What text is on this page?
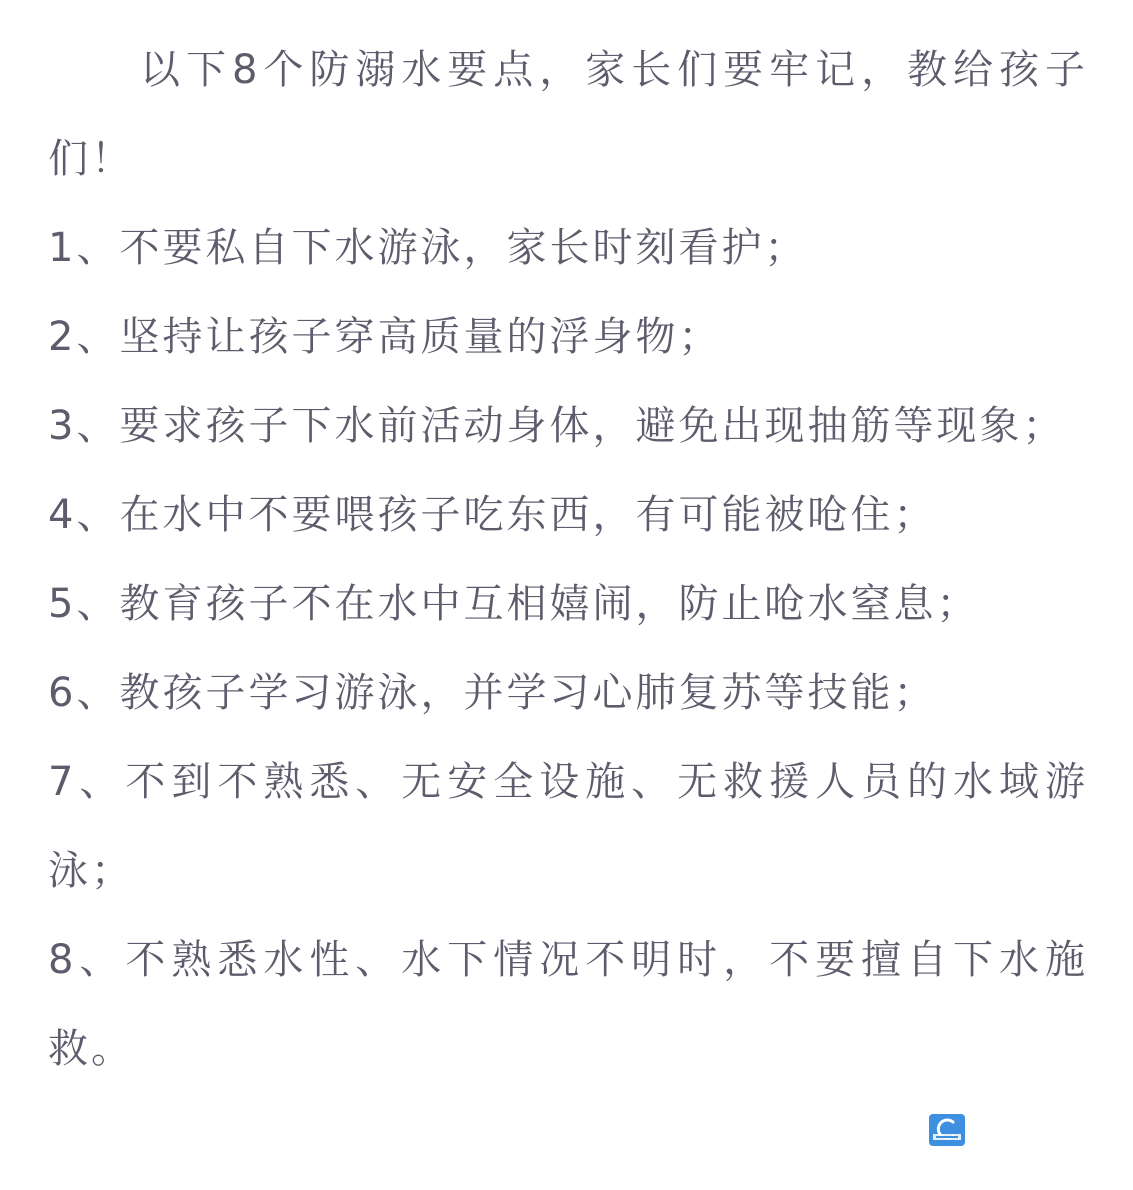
以下8个防溺水要点，家长们要牢记，教给孩子们！

1、不要私自下水游泳，家长时刻看护；

2、坚持让孩子穿高质量的浮身物；

3、要求孩子下水前活动身体，避免出现抽筋等现象；

4、在水中不要喂孩子吃东西，有可能被呛住；

5、教育孩子不在水中互相嬉闹，防止呛水窒息；

6、教孩子学习游泳，并学习心肺复苏等技能；

7、不到不熟悉、无安全设施、无救援人员的水域游泳；

8、不熟悉水性、水下情况不明时，不要擅自下水施救。
